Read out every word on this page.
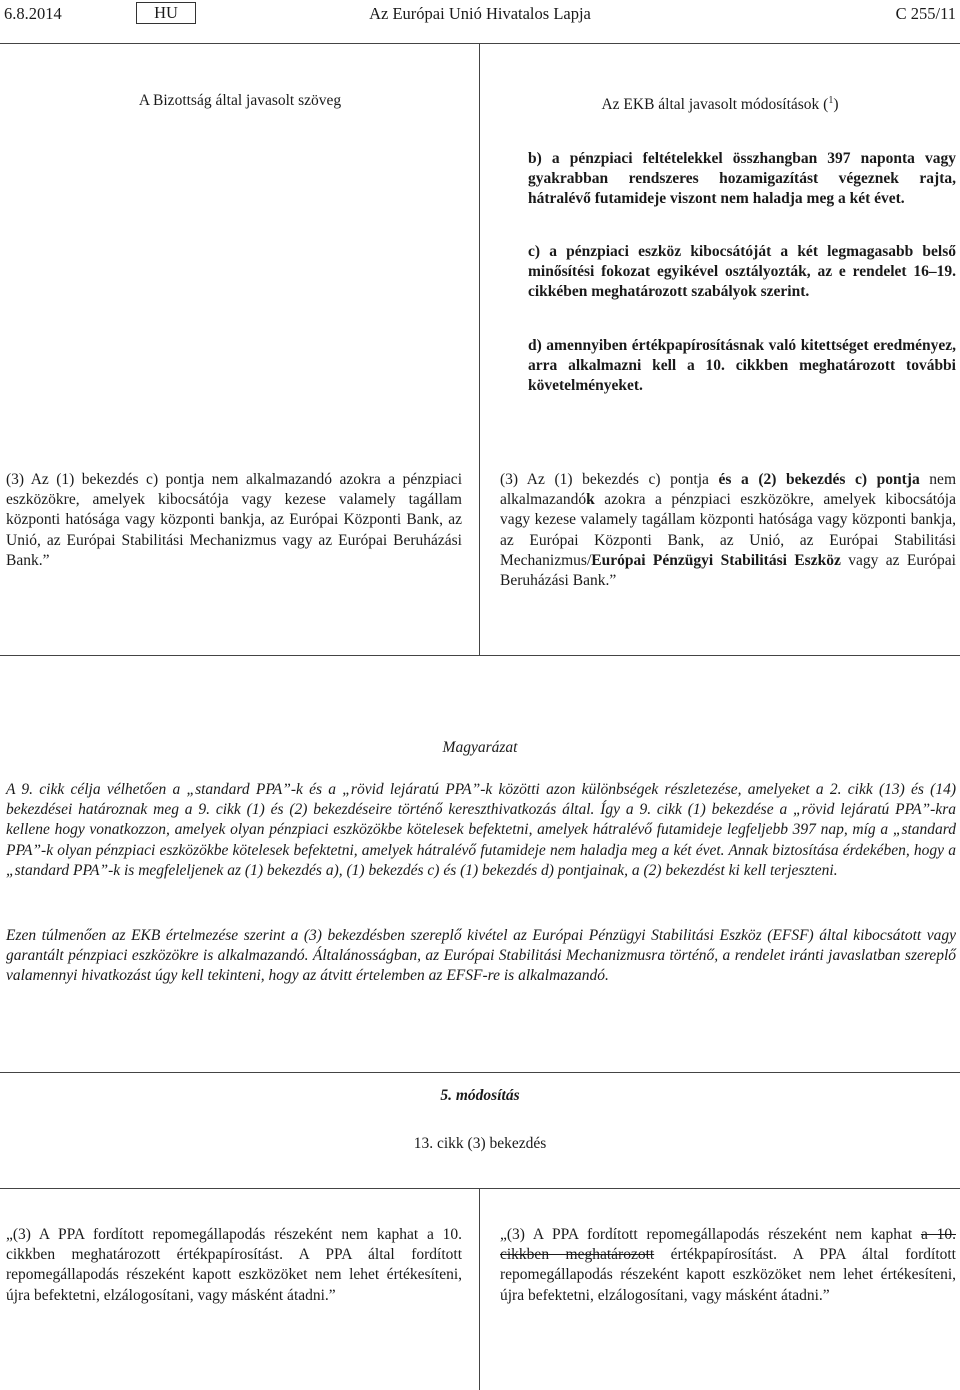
6.8.2014	HU	Az Európai Unió Hivatalos Lapja	C 255/11
A Bizottság által javasolt szöveg	Az EKB által javasolt módosítások ($^1$)
b) a pénzpiaci feltételekkel összhangban 397 naponta vagy gyakrabban rendszeres hozamigazítást végeznek rajta, hátralévő futamideje viszont nem haladja meg a két évet.
c) a pénzpiaci eszköz kibocsátóját a két legmagasabb belső minősítési fokozat egyikével osztályozták, az e rendelet 16–19. cikkében meghatározott szabályok szerint.
d) amennyiben értékpapírosításnak való kitettséget eredményez, arra alkalmazni kell a 10. cikkben meghatározott további követelményeket.
(3) Az (1) bekezdés c) pontja nem alkalmazandó azokra a pénzpiaci eszközökre, amelyek kibocsátója vagy kezese valamely tagállam központi hatósága vagy központi bankja, az Európai Központi Bank, az Unió, az Európai Stabilitási Mechanizmus vagy az Európai Beruházási Bank.”
(3) Az (1) bekezdés c) pontja és a (2) bekezdés c) pontja nem alkalmazandók azokra a pénzpiaci eszközökre, amelyek kibocsátója vagy kezese valamely tagállam központi hatósága vagy központi bankja, az Európai Központi Bank, az Unió, az Európai Stabilitási Mechanizmus/Európai Pénzügyi Stabilitási Eszköz vagy az Európai Beruházási Bank.”
Magyarázat
A 9. cikk célja vélhetően a „standard PPA”-k és a „rövid lejáratú PPA”-k közötti azon különbségek részletezése, amelyeket a 2. cikk (13) és (14) bekezdései határoznak meg a 9. cikk (1) és (2) bekezdéseire történő kereszthivatkozás által. Így a 9. cikk (1) bekezdése a „rövid lejáratú PPA”-kra kellene hogy vonatkozzon, amelyek olyan pénzpiaci eszközökbe kötelesek befektetni, amelyek hátralévő futamideje legfeljebb 397 nap, míg a „standard PPA”-k olyan pénzpiaci eszközökbe kötelesek befektetni, amelyek hátralévő futamideje nem haladja meg a két évet. Annak biztosítása érdekében, hogy a „standard PPA”-k is megfeleljenek az (1) bekezdés a), (1) bekezdés c) és (1) bekezdés d) pontjainak, a (2) bekezdést ki kell terjeszteni.
Ezen túlmenően az EKB értelmezése szerint a (3) bekezdésben szereplő kivétel az Európai Pénzügyi Stabilitási Eszköz (EFSF) által kibocsátott vagy garantált pénzpiaci eszközökre is alkalmazandó. Általánosságban, az Európai Stabilitási Mechanizmusra történő, a rendelet iránti javaslatban szereplő valamennyi hivatkozást úgy kell tekinteni, hogy az átvitt értelemben az EFSF-re is alkalmazandó.
5. módosítás
13. cikk (3) bekezdés
„(3) A PPA fordított repomegállapodás részeként nem kaphat a 10. cikkben meghatározott értékpapírosítást. A PPA által fordított repomegállapodás részeként kapott eszközöket nem lehet értékesíteni, újra befektetni, elzálogosítani, vagy másként átadni.”
„(3) A PPA fordított repomegállapodás részeként nem kaphat a 10. cikkben meghatározott értékpapírosítást. A PPA által fordított repomegállapodás részeként kapott eszközöket nem lehet értékesíteni, újra befektetni, elzálogosítani, vagy másként átadni.”
